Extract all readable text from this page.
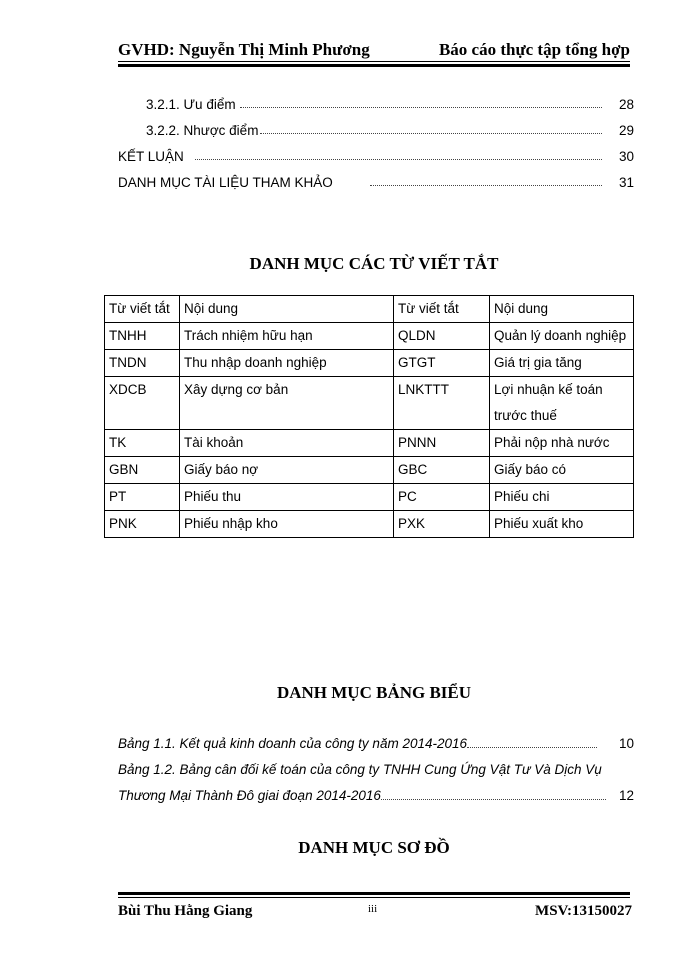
GVHD: Nguyễn Thị Minh Phương	Báo cáo thực tập tổng hợp
3.2.1. Ưu điểm	28
3.2.2. Nhược điểm	29
KẾT LUẬN	30
DANH MỤC TÀI LIỆU THAM KHẢO	31
DANH MỤC CÁC TỪ VIẾT TẮT
Từ viết tắt	Nội dung	Từ viết tắt	Nội dung
TNHH	Trách nhiệm hữu hạn	QLDN	Quản lý doanh nghiệp
TNDN	Thu nhập doanh nghiệp	GTGT	Giá trị gia tăng
XDCB	Xây dựng cơ bản	LNKTTT	Lợi nhuận kế toán trước thuế
TK	Tài khoản	PNNN	Phải nộp nhà nước
GBN	Giấy báo nợ	GBC	Giấy báo có
PT	Phiếu thu	PC	Phiếu chi
PNK	Phiếu nhập kho	PXK	Phiếu xuất kho
DANH MỤC BẢNG BIỂU
Bảng 1.1. Kết quả kinh doanh của công ty năm 2014-2016	10
Bảng 1.2. Bảng cân đối kế toán của công ty TNHH Cung Ứng Vật Tư Và Dịch Vụ
Thương Mại Thành Đô giai đoạn 2014-2016	12
DANH MỤC SƠ ĐỒ
Bùi Thu Hằng Giang	iii	MSV:13150027
